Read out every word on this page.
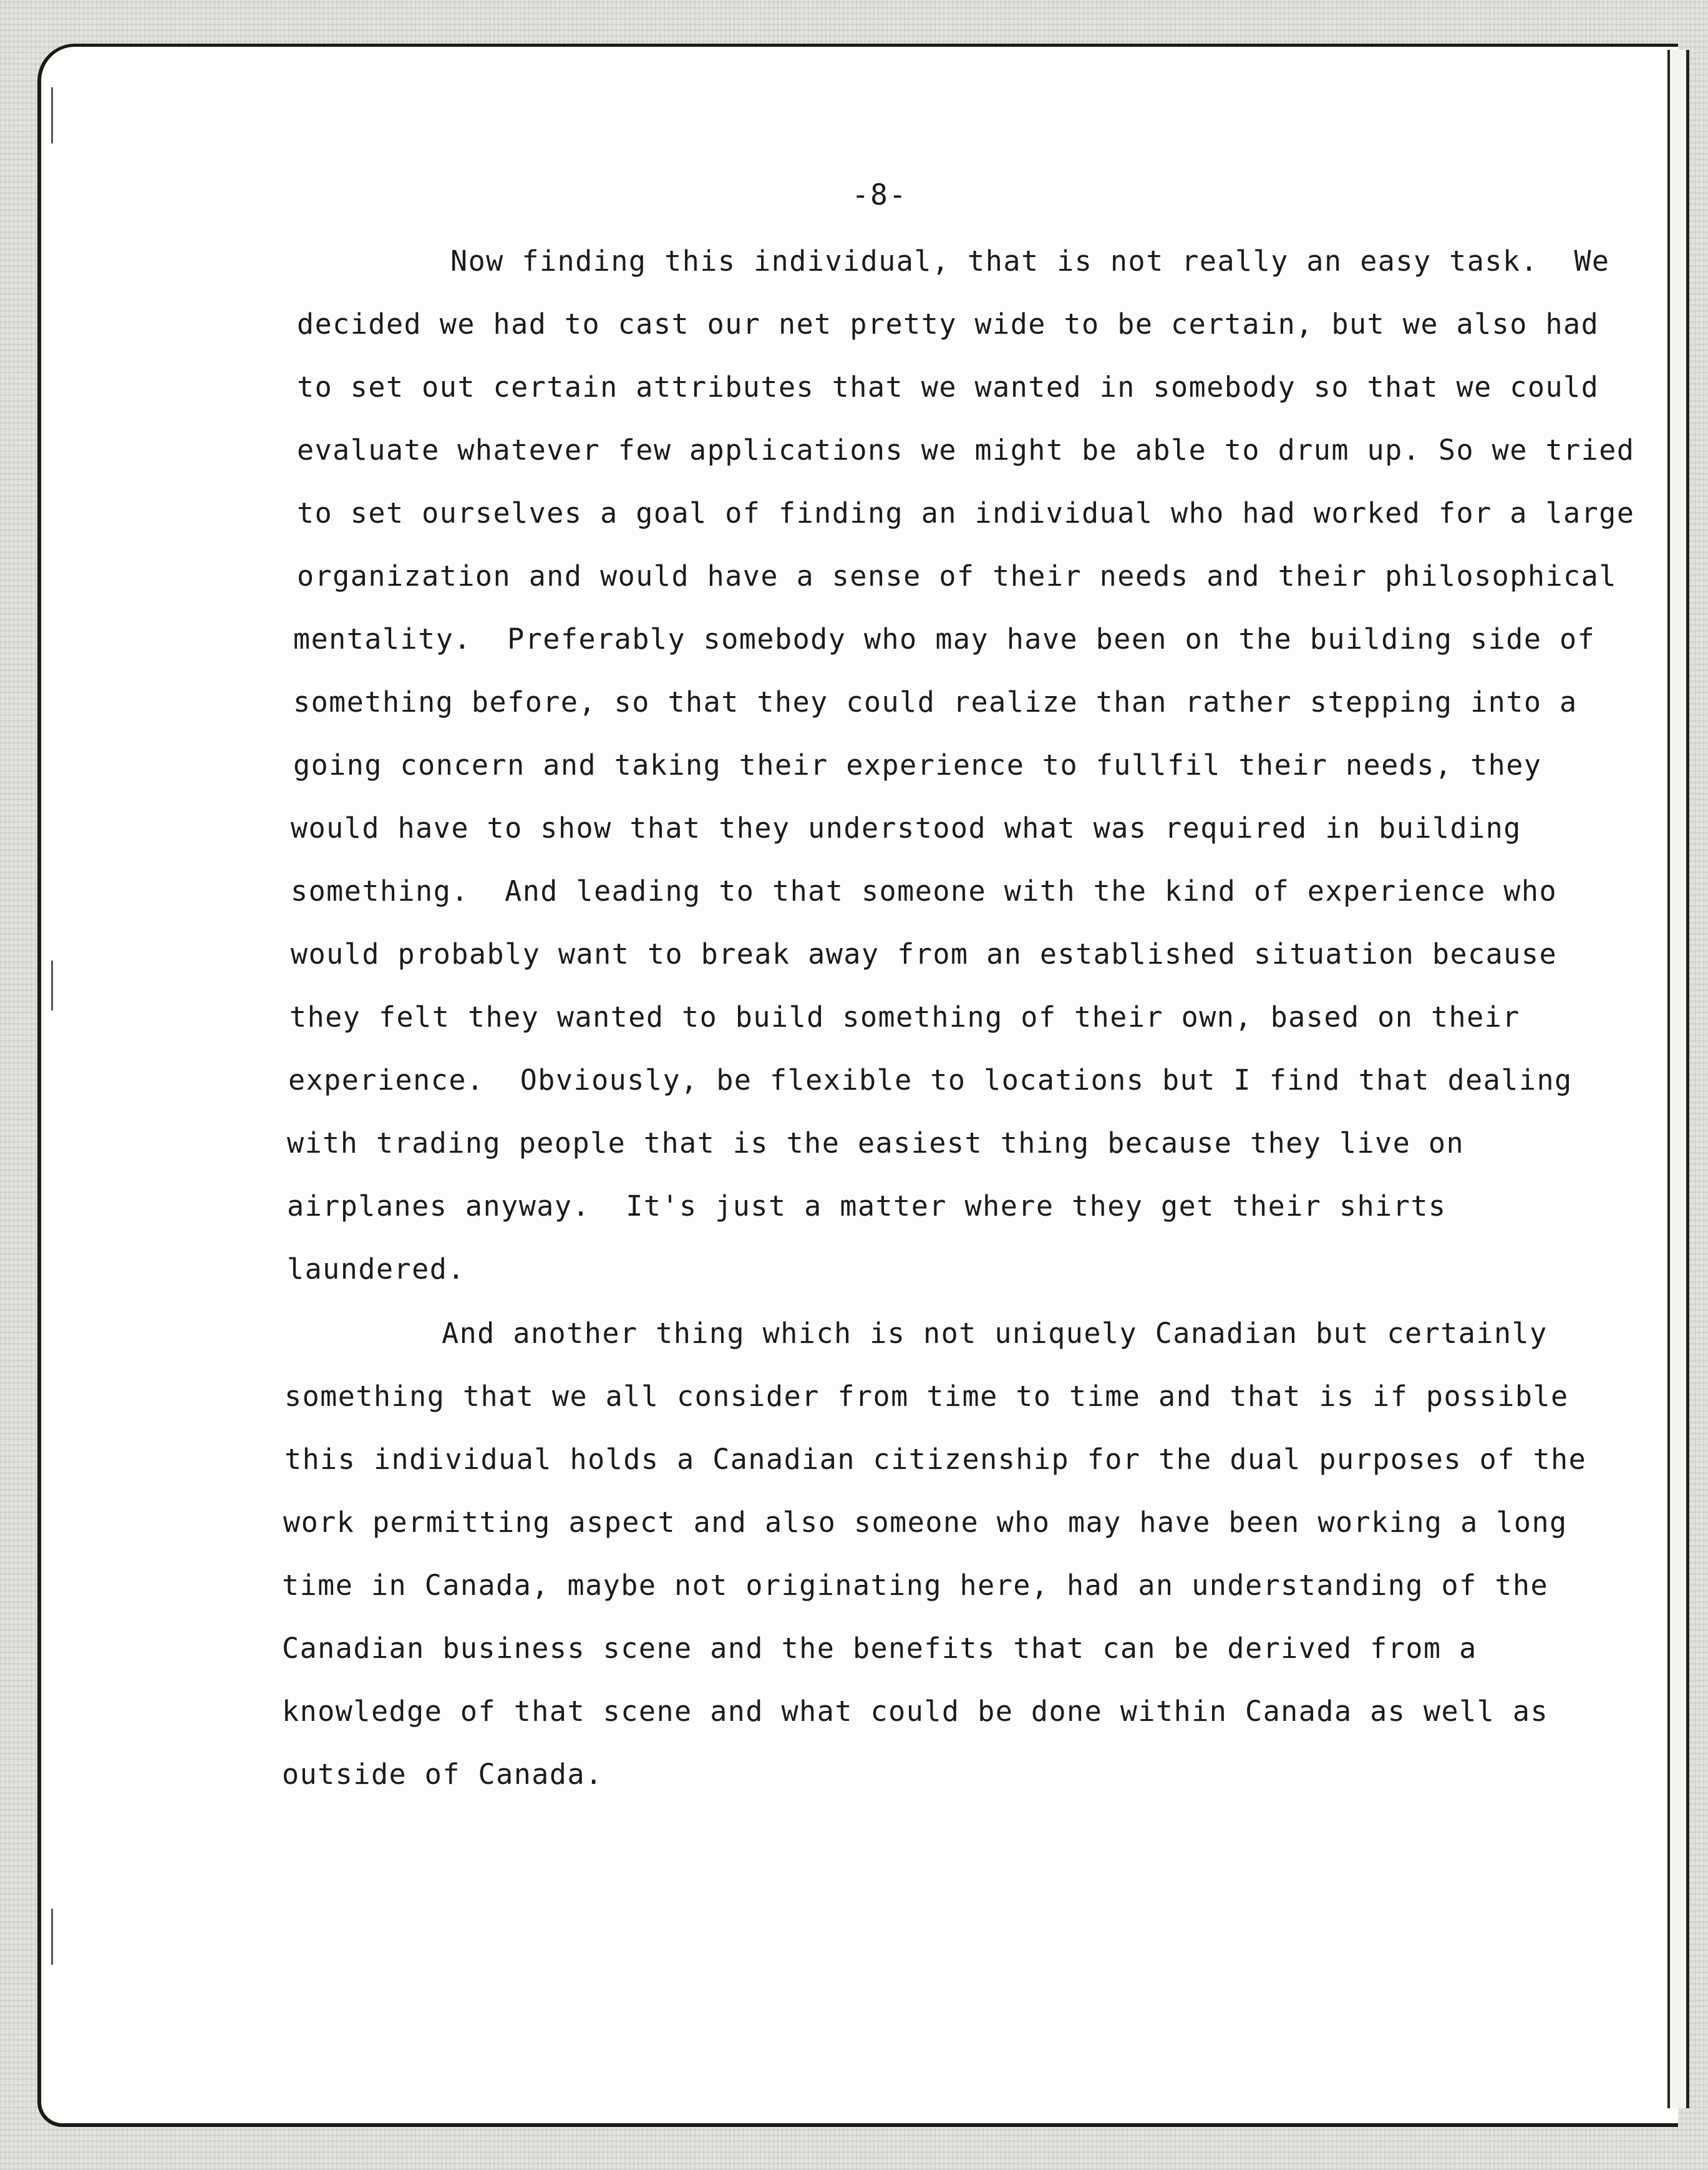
-8-
Now finding this individual, that is not really an easy task.  We
decided we had to cast our net pretty wide to be certain, but we also had
to set out certain attributes that we wanted in somebody so that we could
evaluate whatever few applications we might be able to drum up. So we tried
to set ourselves a goal of finding an individual who had worked for a large
organization and would have a sense of their needs and their philosophical
mentality.  Preferably somebody who may have been on the building side of
something before, so that they could realize than rather stepping into a
going concern and taking their experience to fullfil their needs, they
would have to show that they understood what was required in building
something.  And leading to that someone with the kind of experience who
would probably want to break away from an established situation because
they felt they wanted to build something of their own, based on their
experience.  Obviously, be flexible to locations but I find that dealing
with trading people that is the easiest thing because they live on
airplanes anyway.  It's just a matter where they get their shirts
laundered.
And another thing which is not uniquely Canadian but certainly
something that we all consider from time to time and that is if possible
this individual holds a Canadian citizenship for the dual purposes of the
work permitting aspect and also someone who may have been working a long
time in Canada, maybe not originating here, had an understanding of the
Canadian business scene and the benefits that can be derived from a
knowledge of that scene and what could be done within Canada as well as
outside of Canada.
